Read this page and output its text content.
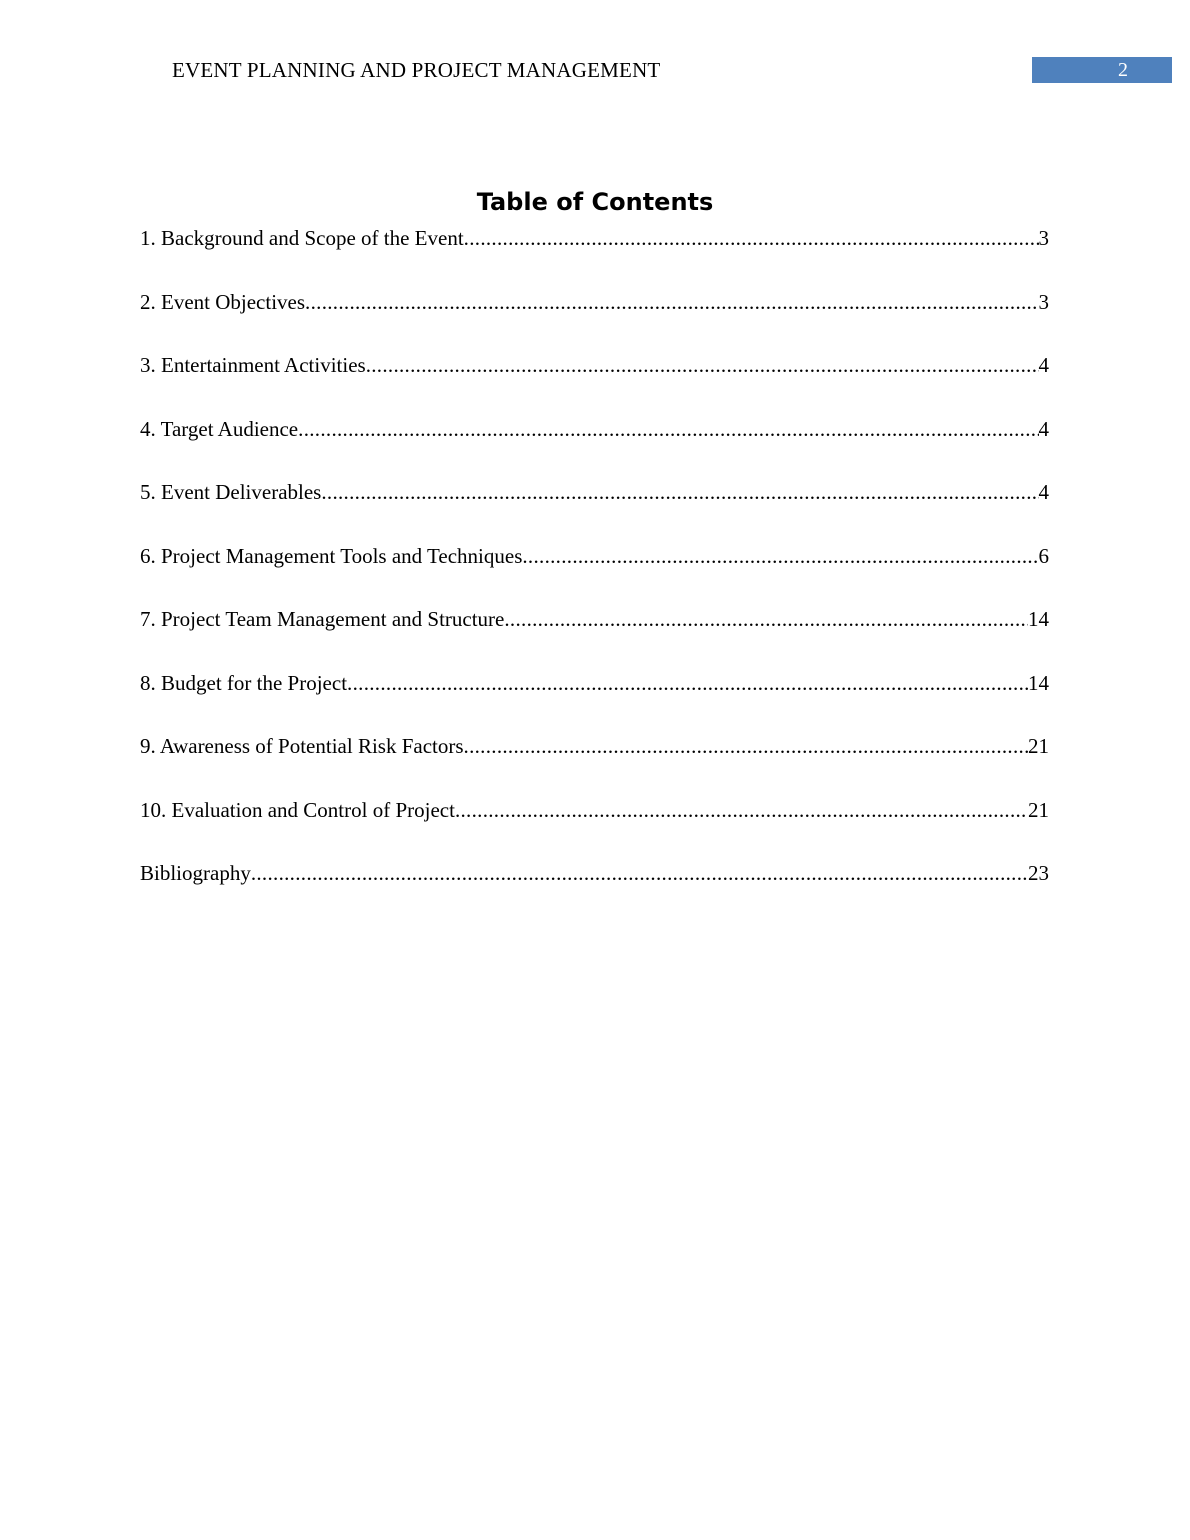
EVENT PLANNING AND PROJECT MANAGEMENT	2
Table of Contents
1. Background and Scope of the Event .....	3
2. Event Objectives .....	3
3. Entertainment Activities .....	4
4. Target Audience .....	4
5. Event Deliverables .....	4
6. Project Management Tools and Techniques .....	6
7. Project Team Management and Structure .....	14
8. Budget for the Project .....	14
9. Awareness of Potential Risk Factors .....	21
10. Evaluation and Control of Project .....	21
Bibliography .....	23
